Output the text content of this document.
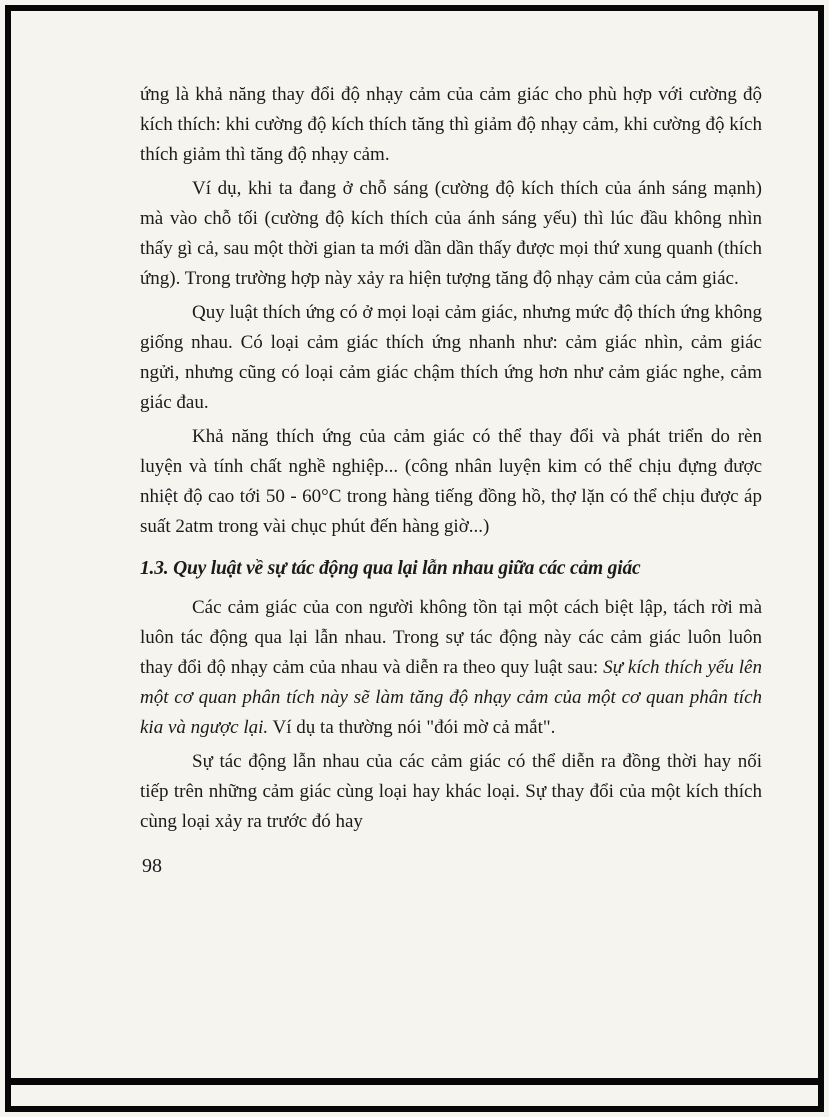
ứng là khả năng thay đổi độ nhạy cảm của cảm giác cho phù hợp với cường độ kích thích: khi cường độ kích thích tăng thì giảm độ nhạy cảm, khi cường độ kích thích giảm thì tăng độ nhạy cảm.

Ví dụ, khi ta đang ở chỗ sáng (cường độ kích thích của ánh sáng mạnh) mà vào chỗ tối (cường độ kích thích của ánh sáng yếu) thì lúc đầu không nhìn thấy gì cả, sau một thời gian ta mới dần dần thấy được mọi thứ xung quanh (thích ứng). Trong trường hợp này xảy ra hiện tượng tăng độ nhạy cảm của cảm giác.

Quy luật thích ứng có ở mọi loại cảm giác, nhưng mức độ thích ứng không giống nhau. Có loại cảm giác thích ứng nhanh như: cảm giác nhìn, cảm giác ngửi, nhưng cũng có loại cảm giác chậm thích ứng hơn như cảm giác nghe, cảm giác đau.

Khả năng thích ứng của cảm giác có thể thay đổi và phát triển do rèn luyện và tính chất nghề nghiệp... (công nhân luyện kim có thể chịu đựng được nhiệt độ cao tới 50 - 60°C trong hàng tiếng đồng hồ, thợ lặn có thể chịu được áp suất 2atm trong vài chục phút đến hàng giờ...)

1.3. Quy luật về sự tác động qua lại lẫn nhau giữa các cảm giác

Các cảm giác của con người không tồn tại một cách biệt lập, tách rời mà luôn tác động qua lại lẫn nhau. Trong sự tác động này các cảm giác luôn luôn thay đổi độ nhạy cảm của nhau và diễn ra theo quy luật sau: Sự kích thích yếu lên một cơ quan phân tích này sẽ làm tăng độ nhạy cảm của một cơ quan phân tích kia và ngược lại. Ví dụ ta thường nói "đói mờ cả mắt".

Sự tác động lẫn nhau của các cảm giác có thể diễn ra đồng thời hay nối tiếp trên những cảm giác cùng loại hay khác loại. Sự thay đổi của một kích thích cùng loại xảy ra trước đó hay

98
